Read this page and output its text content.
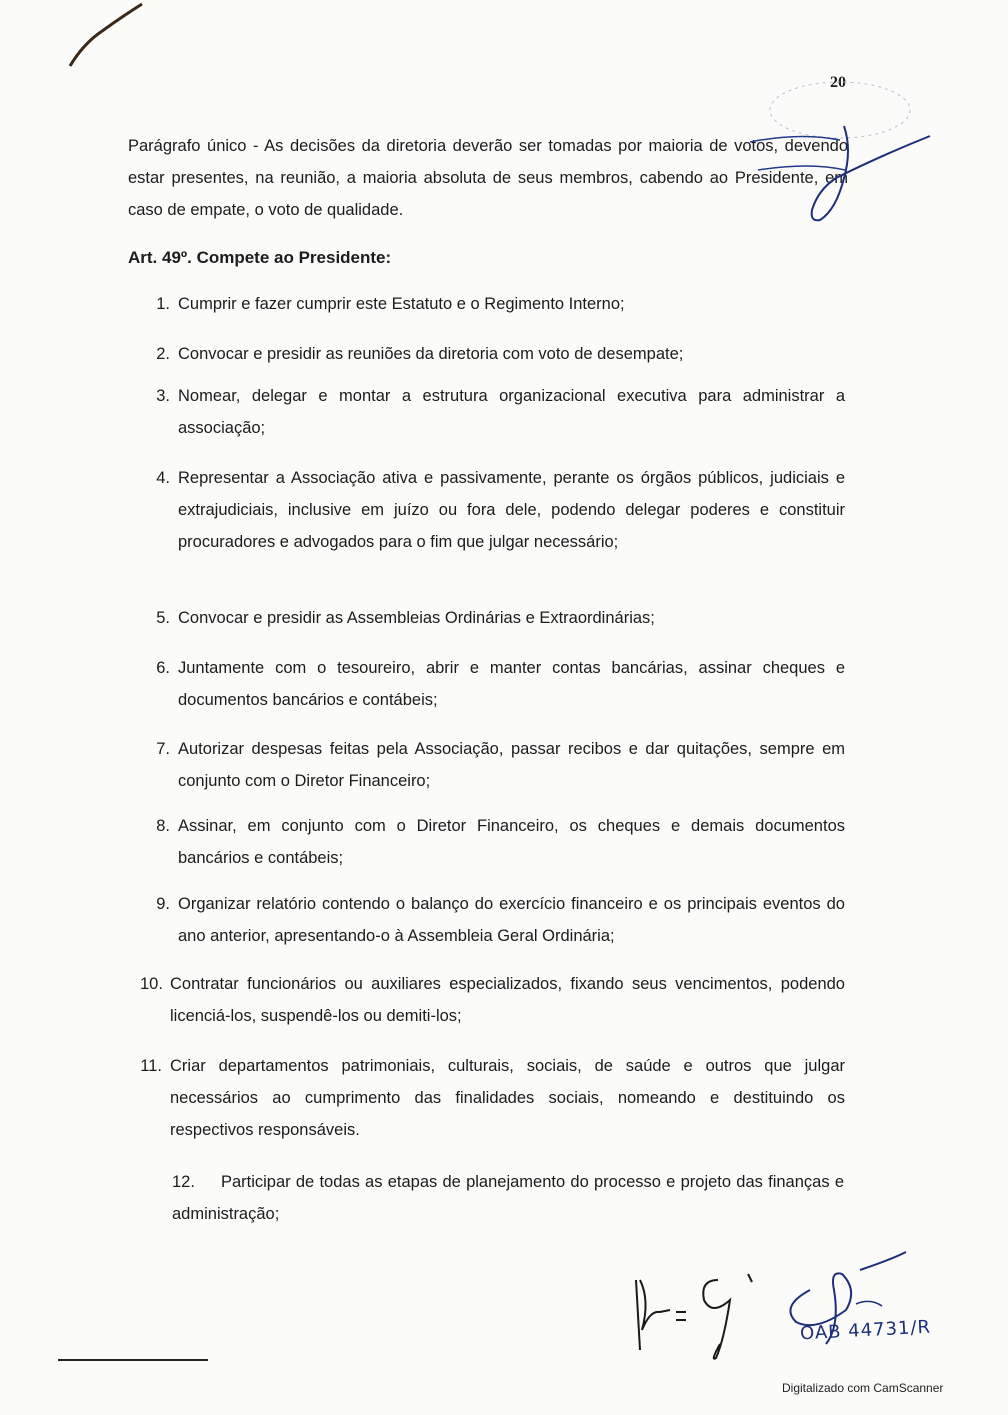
20
Parágrafo único - As decisões da diretoria deverão ser tomadas por maioria de votos, devendo estar presentes, na reunião, a maioria absoluta de seus membros, cabendo ao Presidente, em caso de empate, o voto de qualidade.
Art. 49º. Compete ao Presidente:
1. Cumprir e fazer cumprir este Estatuto e o Regimento Interno;
2. Convocar e presidir as reuniões da diretoria com voto de desempate;
3. Nomear, delegar e montar a estrutura organizacional executiva para administrar a associação;
4. Representar a Associação ativa e passivamente, perante os órgãos públicos, judiciais e extrajudiciais, inclusive em juízo ou fora dele, podendo delegar poderes e constituir procuradores e advogados para o fim que julgar necessário;
5. Convocar e presidir as Assembleias Ordinárias e Extraordinárias;
6. Juntamente com o tesoureiro, abrir e manter contas bancárias, assinar cheques e documentos bancários e contábeis;
7. Autorizar despesas feitas pela Associação, passar recibos e dar quitações, sempre em conjunto com o Diretor Financeiro;
8. Assinar, em conjunto com o Diretor Financeiro, os cheques e demais documentos bancários e contábeis;
9. Organizar relatório contendo o balanço do exercício financeiro e os principais eventos do ano anterior, apresentando-o à Assembleia Geral Ordinária;
10. Contratar funcionários ou auxiliares especializados, fixando seus vencimentos, podendo licenciá-los, suspendê-los ou demiti-los;
11. Criar departamentos patrimoniais, culturais, sociais, de saúde e outros que julgar necessários ao cumprimento das finalidades sociais, nomeando e destituindo os respectivos responsáveis.
12. Participar de todas as etapas de planejamento do processo e projeto das finanças e administração;
OAB 44731/R
Digitalizado com CamScanner
